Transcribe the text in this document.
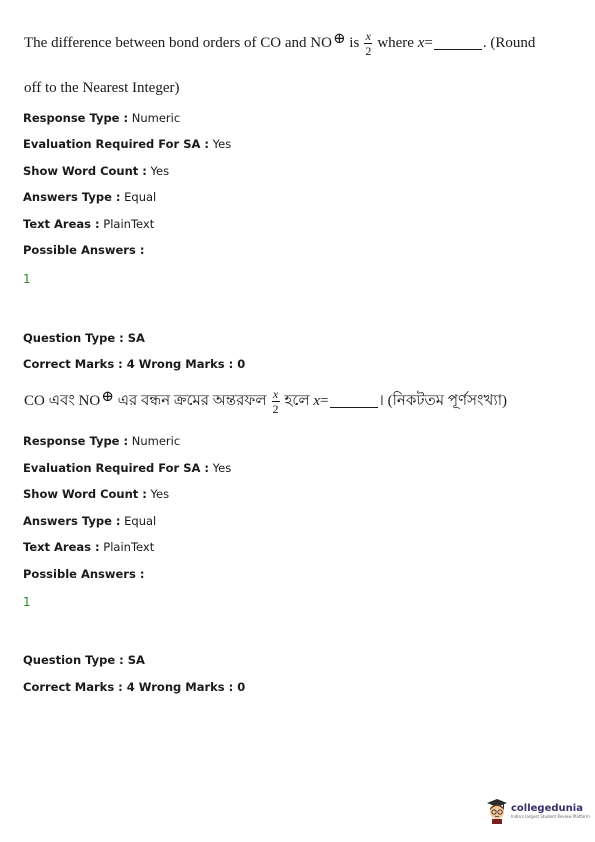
The difference between bond orders of CO and
NO ⊕
is $\frac{x}{2}$ where
x =	. (Round
off to the Nearest Integer)
Response Type : Numeric
Evaluation Required For SA : Yes
Show Word Count : Yes
Answers Type : Equal
Text Areas : PlainText
Possible Answers :
1
Question Type : SA
Correct Marks : 4 Wrong Marks : 0
CO এবং
NO ⊕
এর বন্ধন ক্রমের অন্তরফল $\frac{x}{2}$ হলে
x =	। (নিকটতম পূর্ণসংখ্যা)
Response Type : Numeric
Evaluation Required For SA : Yes
Show Word Count : Yes
Answers Type : Equal
Text Areas : PlainText
Possible Answers :
1
Question Type : SA
Correct Marks : 4 Wrong Marks : 0
collegedunia
India's largest Student Review Platform
